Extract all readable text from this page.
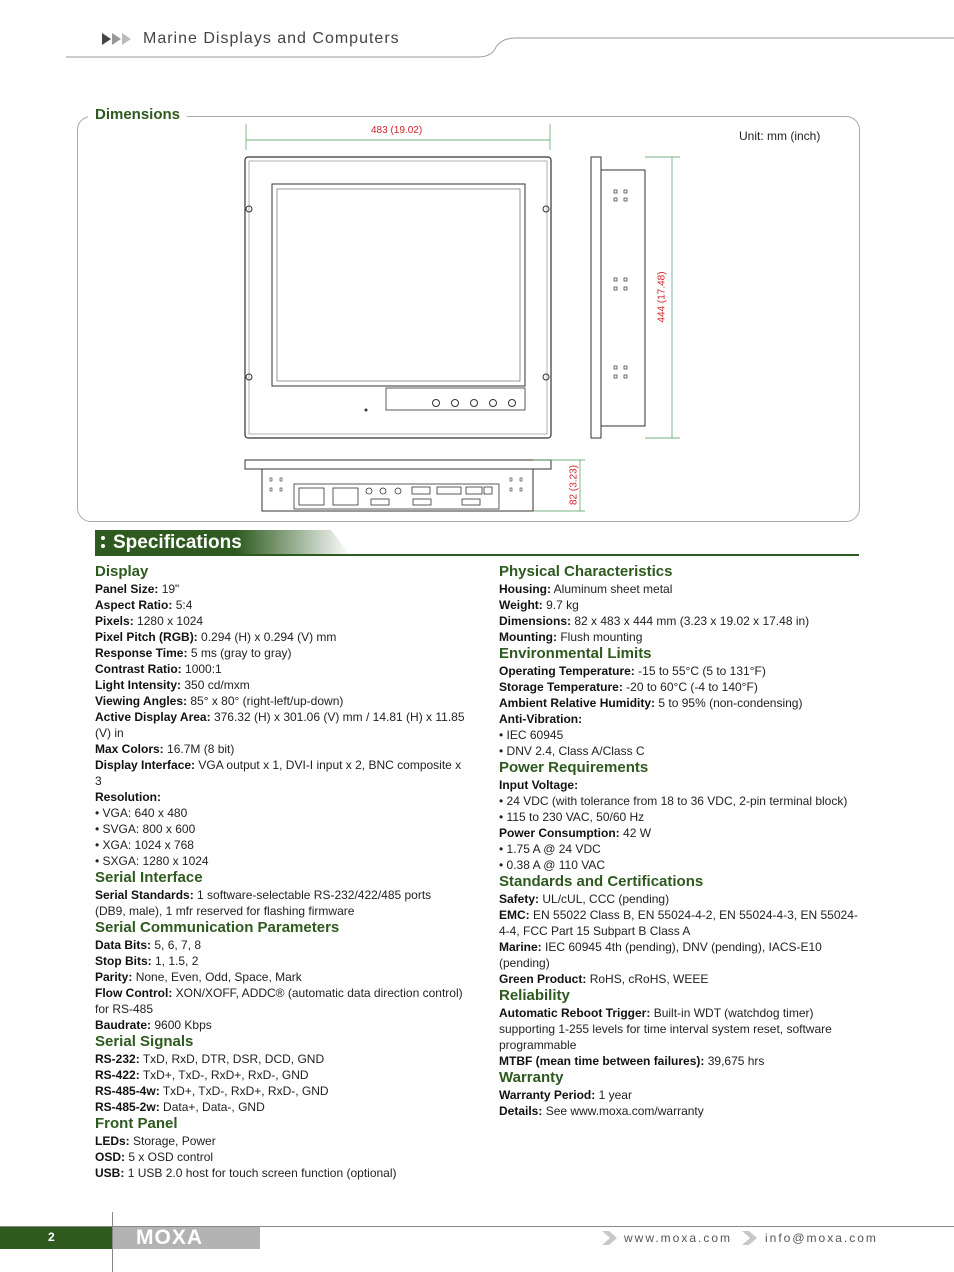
Marine Displays and Computers
Dimensions
Unit: mm (inch)
483 (19.02)
444 (17.48)
82 (3.23)
Specifications
Display
Panel Size: 19"
Aspect Ratio: 5:4
Pixels: 1280 x 1024
Pixel Pitch (RGB): 0.294 (H) x 0.294 (V) mm
Response Time: 5 ms (gray to gray)
Contrast Ratio: 1000:1
Light Intensity: 350 cd/mxm
Viewing Angles: 85° x 80° (right-left/up-down)
Active Display Area: 376.32 (H) x 301.06 (V) mm / 14.81 (H) x 11.85 (V) in
Max Colors: 16.7M (8 bit)
Display Interface: VGA output x 1, DVI-I input x 2, BNC composite x 3
Resolution:
• VGA: 640 x 480
• SVGA: 800 x 600
• XGA: 1024 x 768
• SXGA: 1280 x 1024
Serial Interface
Serial Standards: 1 software-selectable RS-232/422/485 ports (DB9, male), 1 mfr reserved for flashing firmware
Serial Communication Parameters
Data Bits: 5, 6, 7, 8
Stop Bits: 1, 1.5, 2
Parity: None, Even, Odd, Space, Mark
Flow Control: XON/XOFF, ADDC® (automatic data direction control) for RS-485
Baudrate: 9600 Kbps
Serial Signals
RS-232: TxD, RxD, DTR, DSR, DCD, GND
RS-422: TxD+, TxD-, RxD+, RxD-, GND
RS-485-4w: TxD+, TxD-, RxD+, RxD-, GND
RS-485-2w: Data+, Data-, GND
Front Panel
LEDs: Storage, Power
OSD: 5 x OSD control
USB: 1 USB 2.0 host for touch screen function (optional)
Physical Characteristics
Housing: Aluminum sheet metal
Weight: 9.7 kg
Dimensions: 82 x 483 x 444 mm (3.23 x 19.02 x 17.48 in)
Mounting: Flush mounting
Environmental Limits
Operating Temperature: -15 to 55°C (5 to 131°F)
Storage Temperature: -20 to 60°C (-4 to 140°F)
Ambient Relative Humidity: 5 to 95% (non-condensing)
Anti-Vibration:
• IEC 60945
• DNV 2.4, Class A/Class C
Power Requirements
Input Voltage:
• 24 VDC (with tolerance from 18 to 36 VDC, 2-pin terminal block)
• 115 to 230 VAC, 50/60 Hz
Power Consumption: 42 W
• 1.75 A @ 24 VDC
• 0.38 A @ 110 VAC
Standards and Certifications
Safety: UL/cUL, CCC (pending)
EMC: EN 55022 Class B, EN 55024-4-2, EN 55024-4-3, EN 55024-4-4, FCC Part 15 Subpart B Class A
Marine: IEC 60945 4th (pending), DNV (pending), IACS-E10 (pending)
Green Product: RoHS, cRoHS, WEEE
Reliability
Automatic Reboot Trigger: Built-in WDT (watchdog timer) supporting 1-255 levels for time interval system reset, software programmable
MTBF (mean time between failures): 39,675 hrs
Warranty
Warranty Period: 1 year
Details: See www.moxa.com/warranty
2	MOXA	www.moxa.com	info@moxa.com
